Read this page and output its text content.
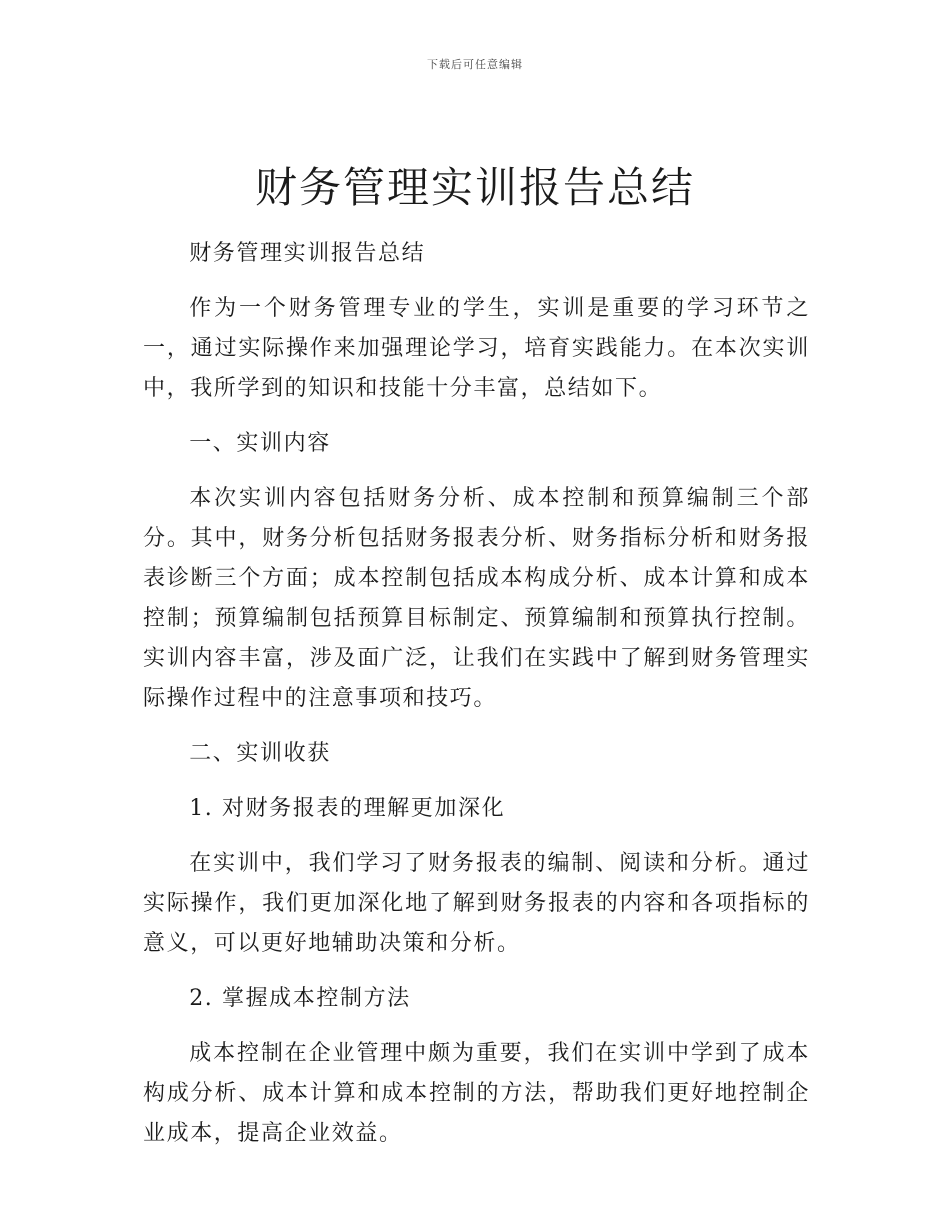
下载后可任意编辑
财务管理实训报告总结

财务管理实训报告总结

作为一个财务管理专业的学生，实训是重要的学习环节之一，通过实际操作来加强理论学习，培育实践能力。在本次实训中，我所学到的知识和技能十分丰富，总结如下。

一、实训内容

本次实训内容包括财务分析、成本控制和预算编制三个部分。其中，财务分析包括财务报表分析、财务指标分析和财务报表诊断三个方面；成本控制包括成本构成分析、成本计算和成本控制；预算编制包括预算目标制定、预算编制和预算执行控制。实训内容丰富，涉及面广泛，让我们在实践中了解到财务管理实际操作过程中的注意事项和技巧。

二、实训收获

1. 对财务报表的理解更加深化

在实训中，我们学习了财务报表的编制、阅读和分析。通过实际操作，我们更加深化地了解到财务报表的内容和各项指标的意义，可以更好地辅助决策和分析。

2. 掌握成本控制方法

成本控制在企业管理中颇为重要，我们在实训中学到了成本构成分析、成本计算和成本控制的方法，帮助我们更好地控制企业成本，提高企业效益。
